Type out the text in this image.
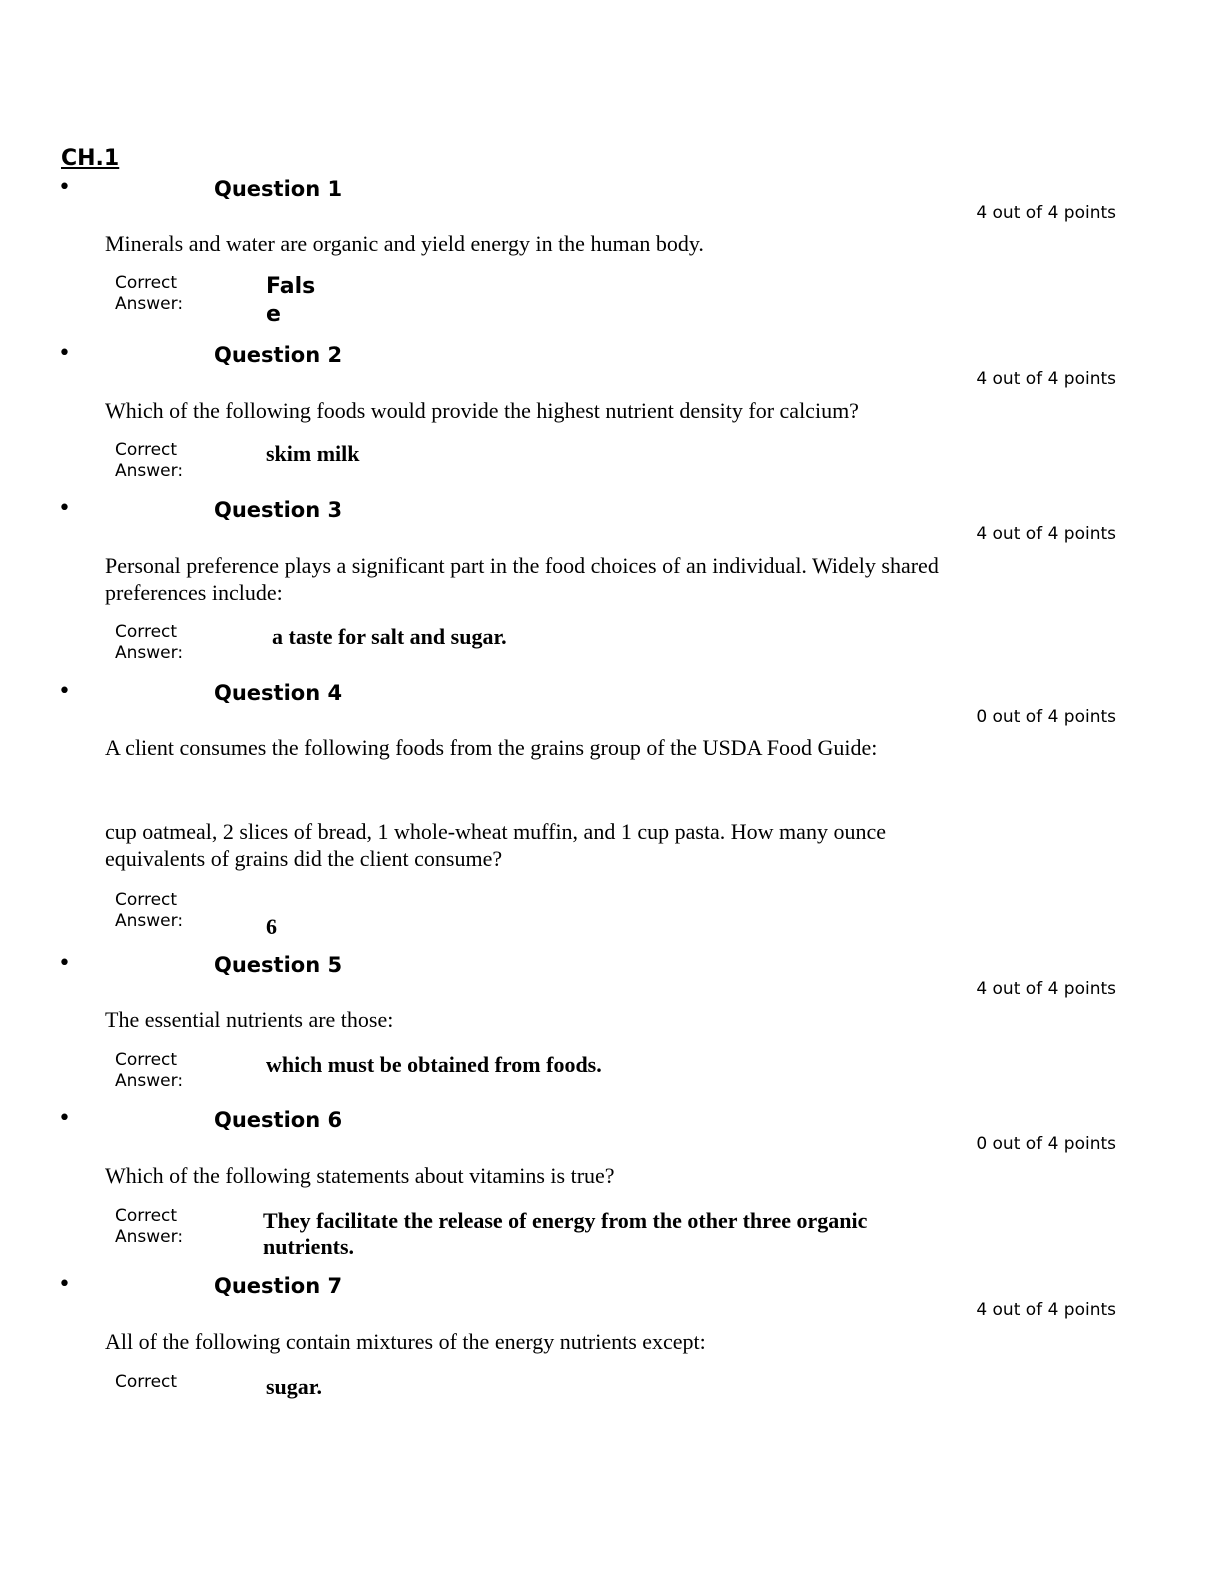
CH.1
•	Question 1
4 out of 4 points

Minerals and water are organic and yield energy in the human body.

Correct
Answer:
False
•	Question 2
4 out of 4 points

Which of the following foods would provide the highest nutrient density for calcium?

Correct
Answer:
skim milk
•	Question 3
4 out of 4 points

Personal preference plays a significant part in the food choices of an individual. Widely shared preferences include:

Correct
Answer:
a taste for salt and sugar.
•	Question 4
0 out of 4 points

A client consumes the following foods from the grains group of the USDA Food Guide:

cup oatmeal, 2 slices of bread, 1 whole-wheat muffin, and 1 cup pasta. How many ounce equivalents of grains did the client consume?

Correct
Answer:	6
•	Question 5
4 out of 4 points

The essential nutrients are those:

Correct
Answer:
which must be obtained from foods.
•	Question 6
0 out of 4 points

Which of the following statements about vitamins is true?

Correct
Answer:
They facilitate the release of energy from the other three organic nutrients.
•	Question 7
4 out of 4 points

All of the following contain mixtures of the energy nutrients except:

Correct	sugar.
